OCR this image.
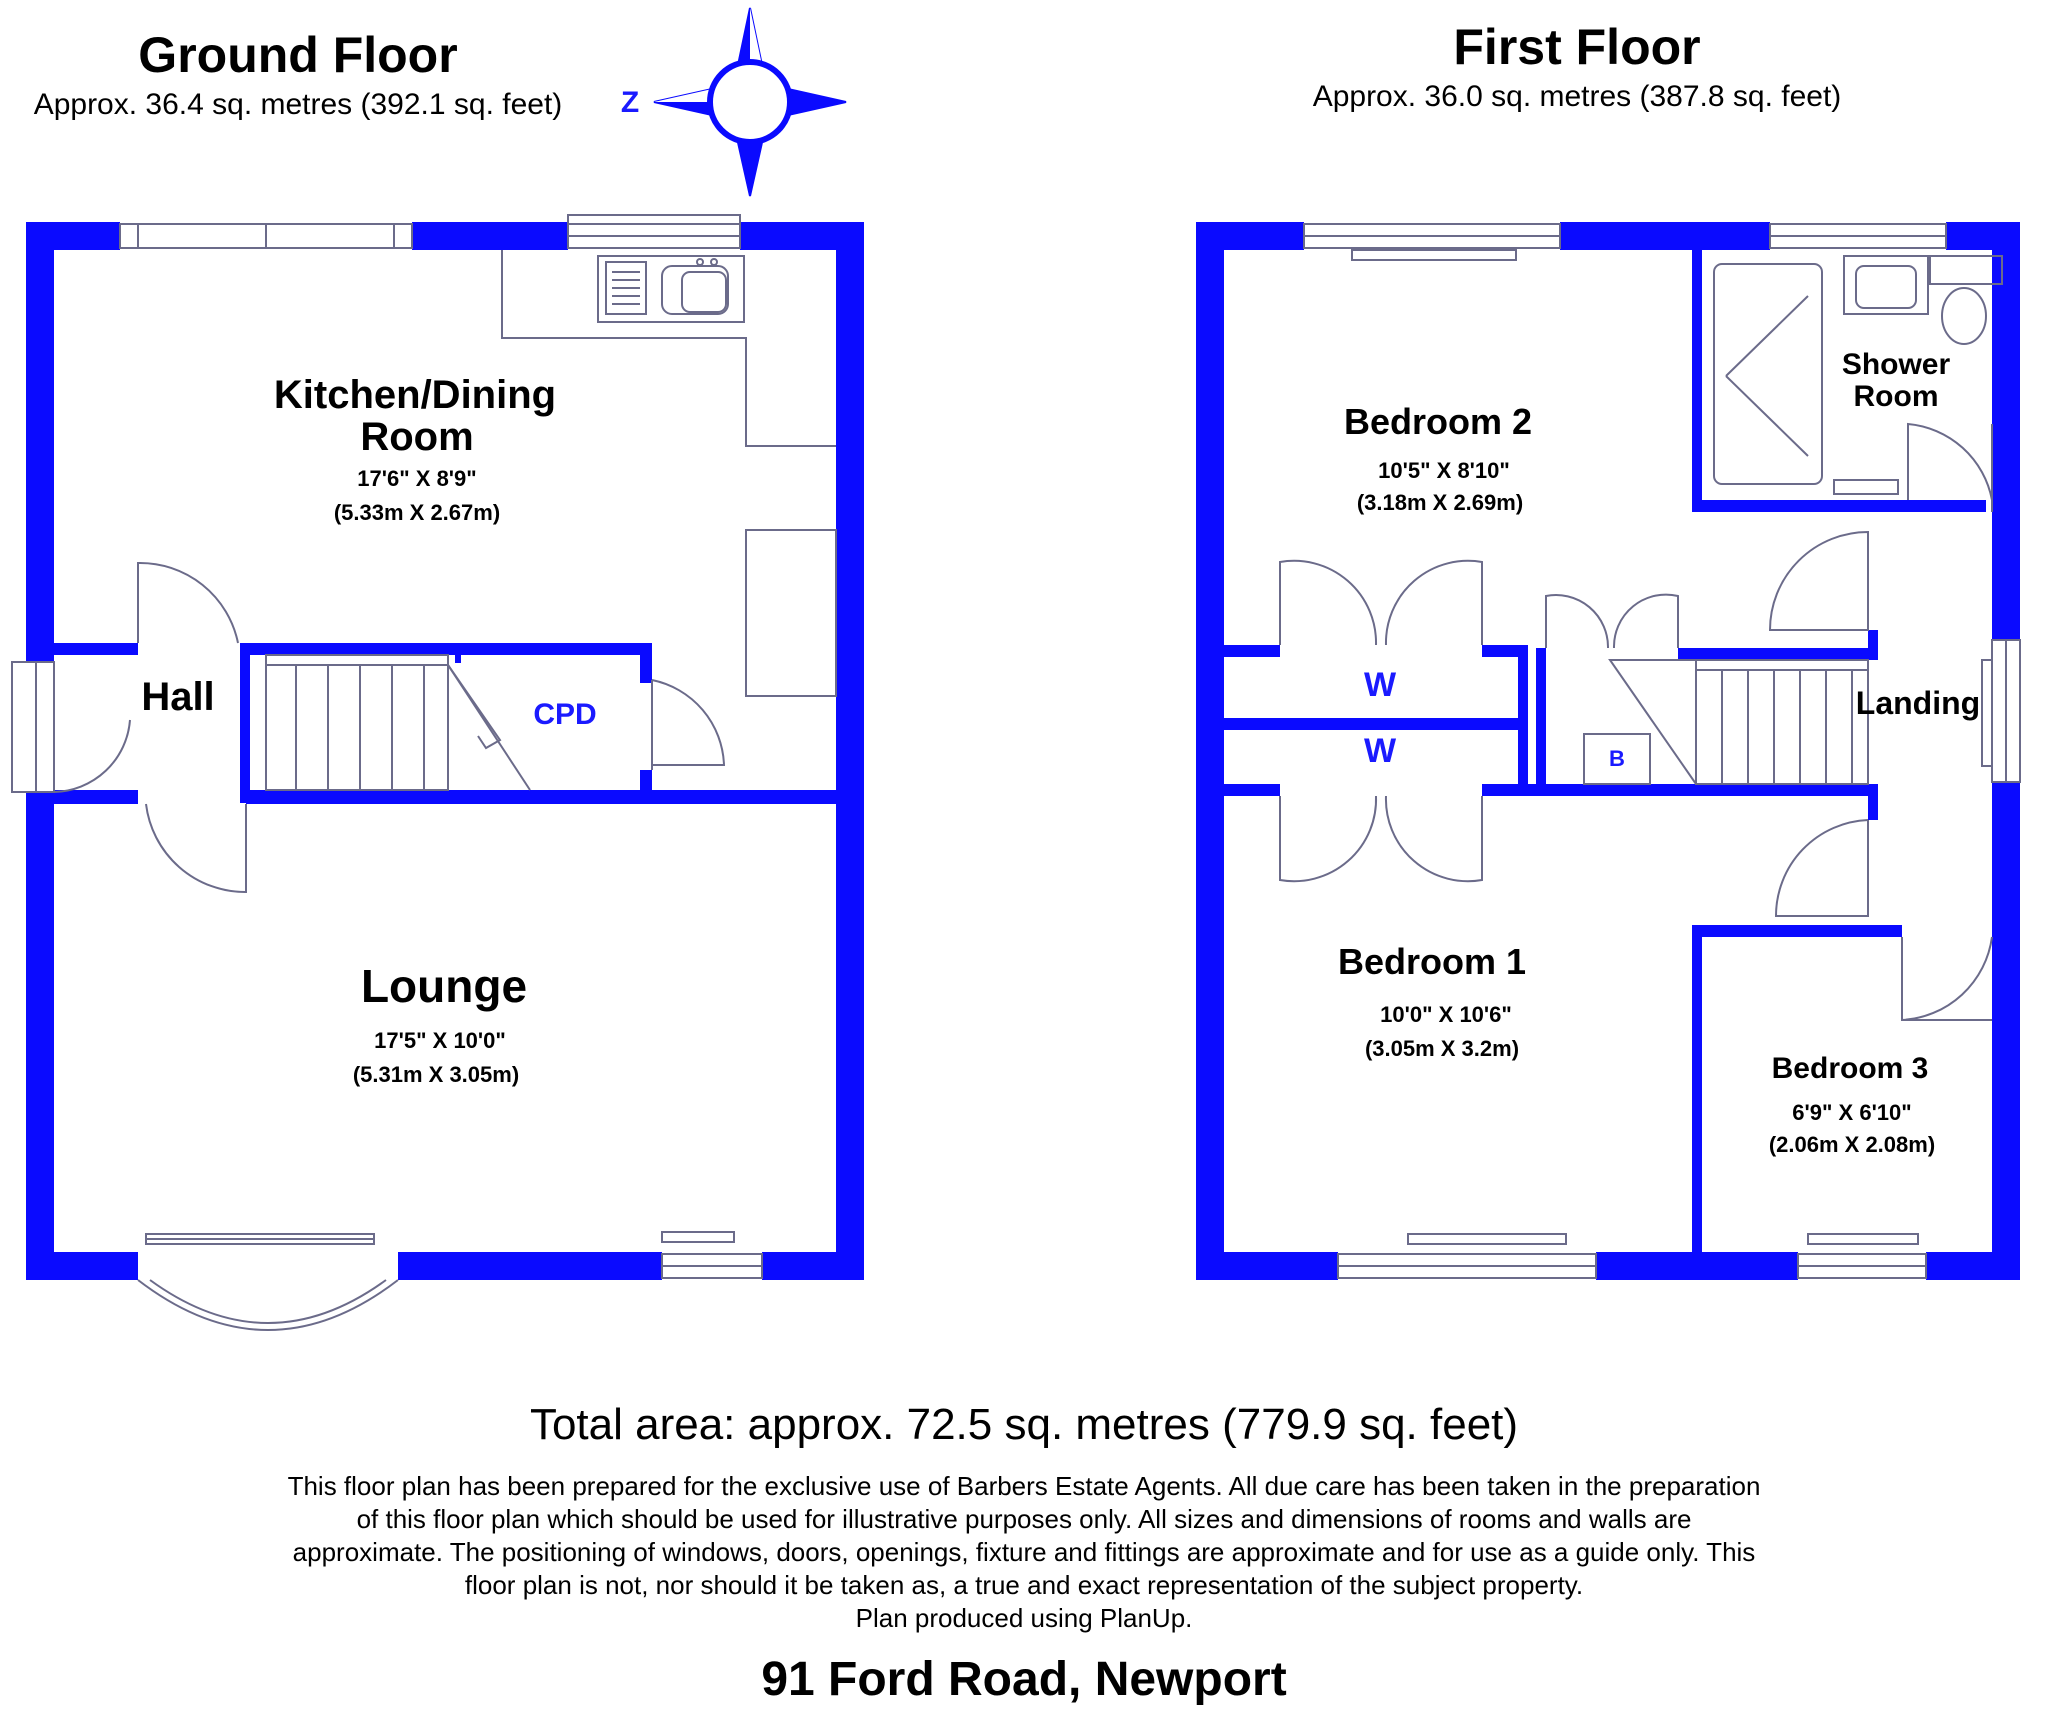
Ground Floor
Approx. 36.4 sq. metres (392.1 sq. feet)
First Floor
Approx. 36.0 sq. metres (387.8 sq. feet)
Z
Kitchen/Dining
Room
17'6" X 8'9"
(5.33m X 2.67m)
Hall	CPD
Lounge
17'5" X 10'0"
(5.31m X 3.05m)
Bedroom 2
10'5" X 8'10"
(3.18m X 2.69m)
Shower
Room
Landing
W
W	B
Bedroom 1
10'0" X 10'6"
(3.05m X 3.2m)
Bedroom 3
6'9" X 6'10"
(2.06m X 2.08m)
Total area: approx. 72.5 sq. metres (779.9 sq. feet)
This floor plan has been prepared for the exclusive use of Barbers Estate Agents. All due care has been taken in the preparation
of this floor plan which should be used for illustrative purposes only. All sizes and dimensions of rooms and walls are
approximate. The positioning of windows, doors, openings, fixture and fittings are approximate and for use as a guide only. This
floor plan is not, nor should it be taken as, a true and exact representation of the subject property.
Plan produced using PlanUp.
91 Ford Road, Newport
